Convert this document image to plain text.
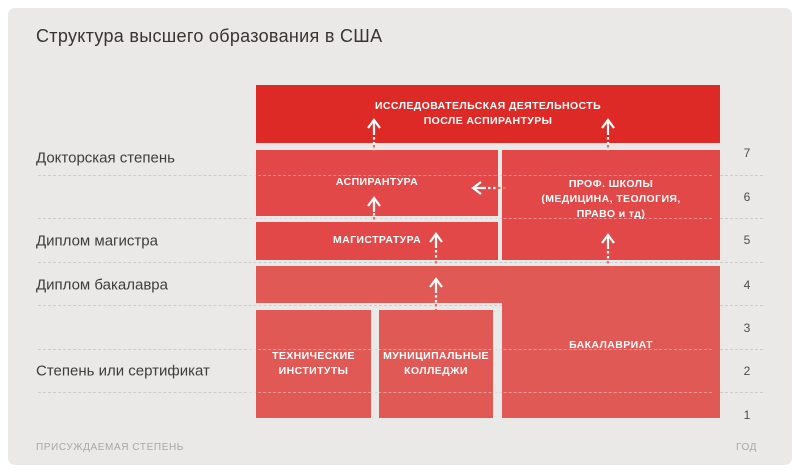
Структура высшего образования в США
Докторская степень
Диплом магистра
Диплом бакалавра
Степень или сертификат
7
6
5
4
3
2
1
ИССЛЕДОВАТЕЛЬСКАЯ ДЕЯТЕЛЬНОСТЬ
ПОСЛЕ АСПИРАНТУРЫ
АСПИРАНТУРА	ПРОФ. ШКОЛЫ
(МЕДИЦИНА, ТЕОЛОГИЯ,
ПРАВО и тд)
МАГИСТРАТУРА
БАКАЛАВРИАТ
ТЕХНИЧЕСКИЕ
ИНСТИТУТЫ
МУНИЦИПАЛЬНЫЕ
КОЛЛЕДЖИ
ПРИСУЖДАЕМАЯ СТЕПЕНЬ	ГОД
